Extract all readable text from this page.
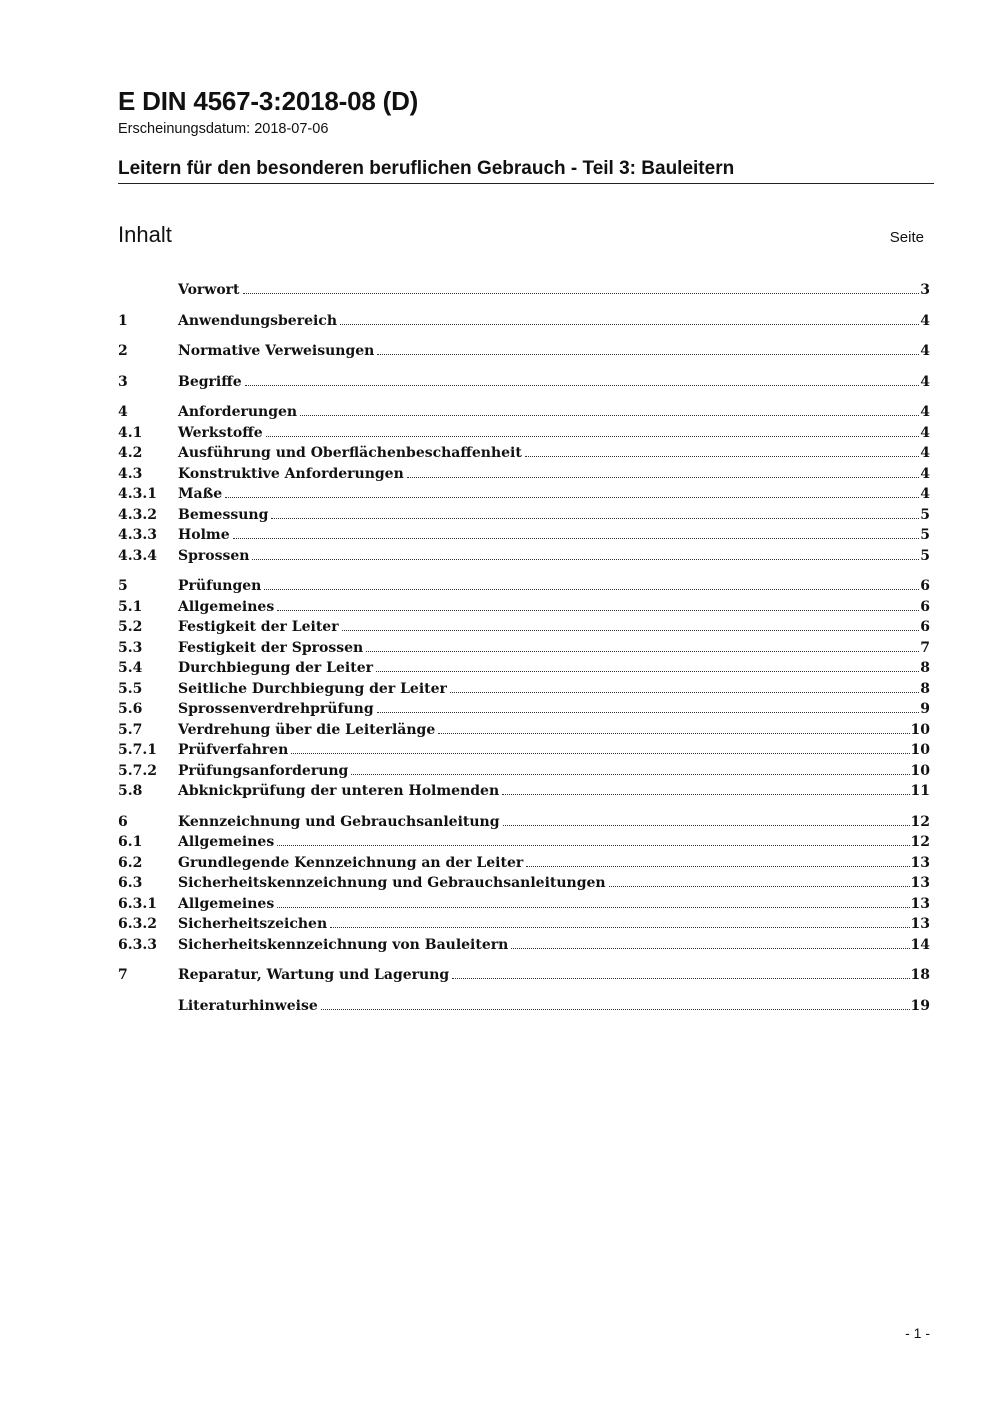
E DIN 4567-3:2018-08 (D)
Erscheinungsdatum: 2018-07-06
Leitern für den besonderen beruflichen Gebrauch - Teil 3: Bauleitern
Inhalt	Seite
Vorwort	3
1	Anwendungsbereich	4
2	Normative Verweisungen	4
3	Begriffe	4
4	Anforderungen	4
4.1	Werkstoffe	4
4.2	Ausführung und Oberflächenbeschaffenheit	4
4.3	Konstruktive Anforderungen	4
4.3.1	Maße	4
4.3.2	Bemessung	5
4.3.3	Holme	5
4.3.4	Sprossen	5
5	Prüfungen	6
5.1	Allgemeines	6
5.2	Festigkeit der Leiter	6
5.3	Festigkeit der Sprossen	7
5.4	Durchbiegung der Leiter	8
5.5	Seitliche Durchbiegung der Leiter	8
5.6	Sprossenverdrehprüfung	9
5.7	Verdrehung über die Leiterlänge	10
5.7.1	Prüfverfahren	10
5.7.2	Prüfungsanforderung	10
5.8	Abknickprüfung der unteren Holmenden	11
6	Kennzeichnung und Gebrauchsanleitung	12
6.1	Allgemeines	12
6.2	Grundlegende Kennzeichnung an der Leiter	13
6.3	Sicherheitskennzeichnung und Gebrauchsanleitungen	13
6.3.1	Allgemeines	13
6.3.2	Sicherheitszeichen	13
6.3.3	Sicherheitskennzeichnung von Bauleitern	14
7	Reparatur, Wartung und Lagerung	18
Literaturhinweise	19
- 1 -
